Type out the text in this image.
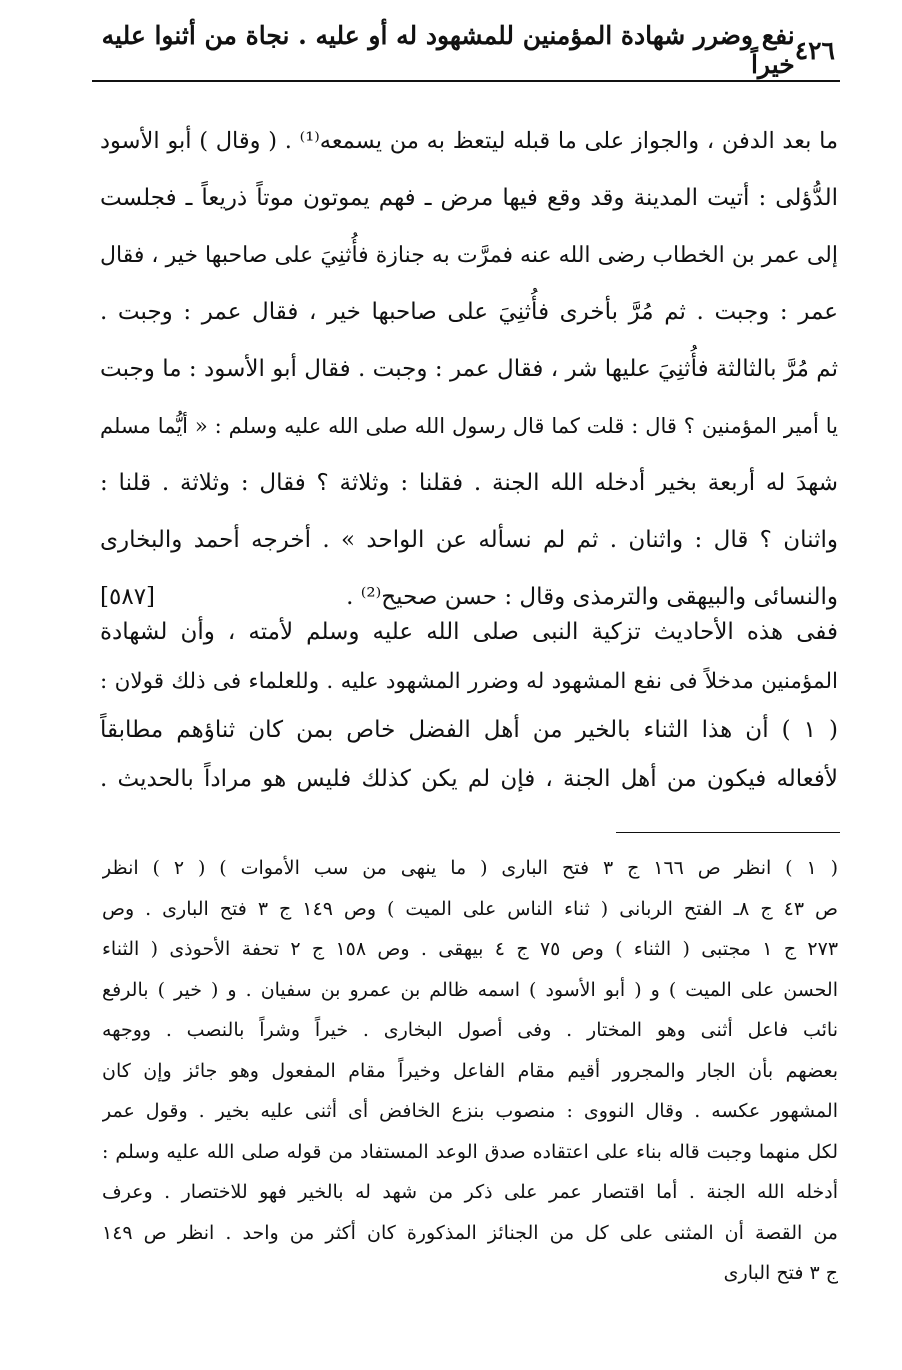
٤٢٦
نفع وضرر شهادة المؤمنين للمشهود له أو عليه . نجاة من أثنوا عليه خيراً
ما بعد الدفن ، والجواز على ما قبله ليتعظ به من يسمعه⁽¹⁾ . ( وقال ) أبو الأسود
الدُّؤلى : أتيت المدينة وقد وقع فيها مرض ـ فهم يموتون موتاً ذريعاً ـ فجلست
إلى عمر بن الخطاب رضى الله عنه فمرَّت به جنازة فأُثنِيَ على صاحبها خير ، فقال
عمر : وجبت . ثم مُرَّ بأخرى فأُثنِيَ على صاحبها خير ، فقال عمر : وجبت .
ثم مُرَّ بالثالثة فأُثنِيَ عليها شر ، فقال عمر : وجبت . فقال أبو الأسود : ما وجبت
يا أمير المؤمنين ؟ قال : قلت كما قال رسول الله صلى الله عليه وسلم : « أيُّما مسلم
شهدَ له أربعة بخير أدخله الله الجنة . فقلنا : وثلاثة ؟ فقال : وثلاثة . قلنا :
واثنان ؟ قال : واثنان . ثم لم نسأله عن الواحد » . أخرجه أحمد والبخارى
والنسائى والبيهقى والترمذى وقال : حسن صحيح⁽²⁾ .
[٥٨٧]
ففى هذه الأحاديث تزكية النبى صلى الله عليه وسلم لأمته ، وأن لشهادة
المؤمنين مدخلاً فى نفع المشهود له وضرر المشهود عليه . وللعلماء فى ذلك قولان :
( ١ ) أن هذا الثناء بالخير من أهل الفضل خاص بمن كان ثناؤهم مطابقاً
لأفعاله فيكون من أهل الجنة ، فإن لم يكن كذلك فليس هو مراداً بالحديث .
( ١ ) انظر ص ١٦٦ ج ٣ فتح البارى ( ما ينهى من سب الأموات ) ( ٢ ) انظر
ص ٤٣ ج ٨ـ الفتح الربانى ( ثناء الناس على الميت ) وص ١٤٩ ج ٣ فتح البارى . وص
٢٧٣ ج ١ مجتبى ( الثناء ) وص ٧٥ ج ٤ بيهقى . وص ١٥٨ ج ٢ تحفة الأحوذى ( الثناء
الحسن على الميت ) و ( أبو الأسود ) اسمه ظالم بن عمرو بن سفيان . و ( خير ) بالرفع
نائب فاعل أثنى وهو المختار . وفى أصول البخارى . خيراً وشراً بالنصب . ووجهه
بعضهم بأن الجار والمجرور أقيم مقام الفاعل وخيراً مقام المفعول وهو جائز وإن كان
المشهور عكسه . وقال النووى : منصوب بنزع الخافض أى أثنى عليه بخير . وقول عمر
لكل منهما وجبت قاله بناء على اعتقاده صدق الوعد المستفاد من قوله صلى الله عليه وسلم :
أدخله الله الجنة . أما اقتصار عمر على ذكر من شهد له بالخير فهو للاختصار . وعرف
من القصة أن المثنى على كل من الجنائز المذكورة كان أكثر من واحد . انظر ص ١٤٩
ج ٣ فتح البارى
